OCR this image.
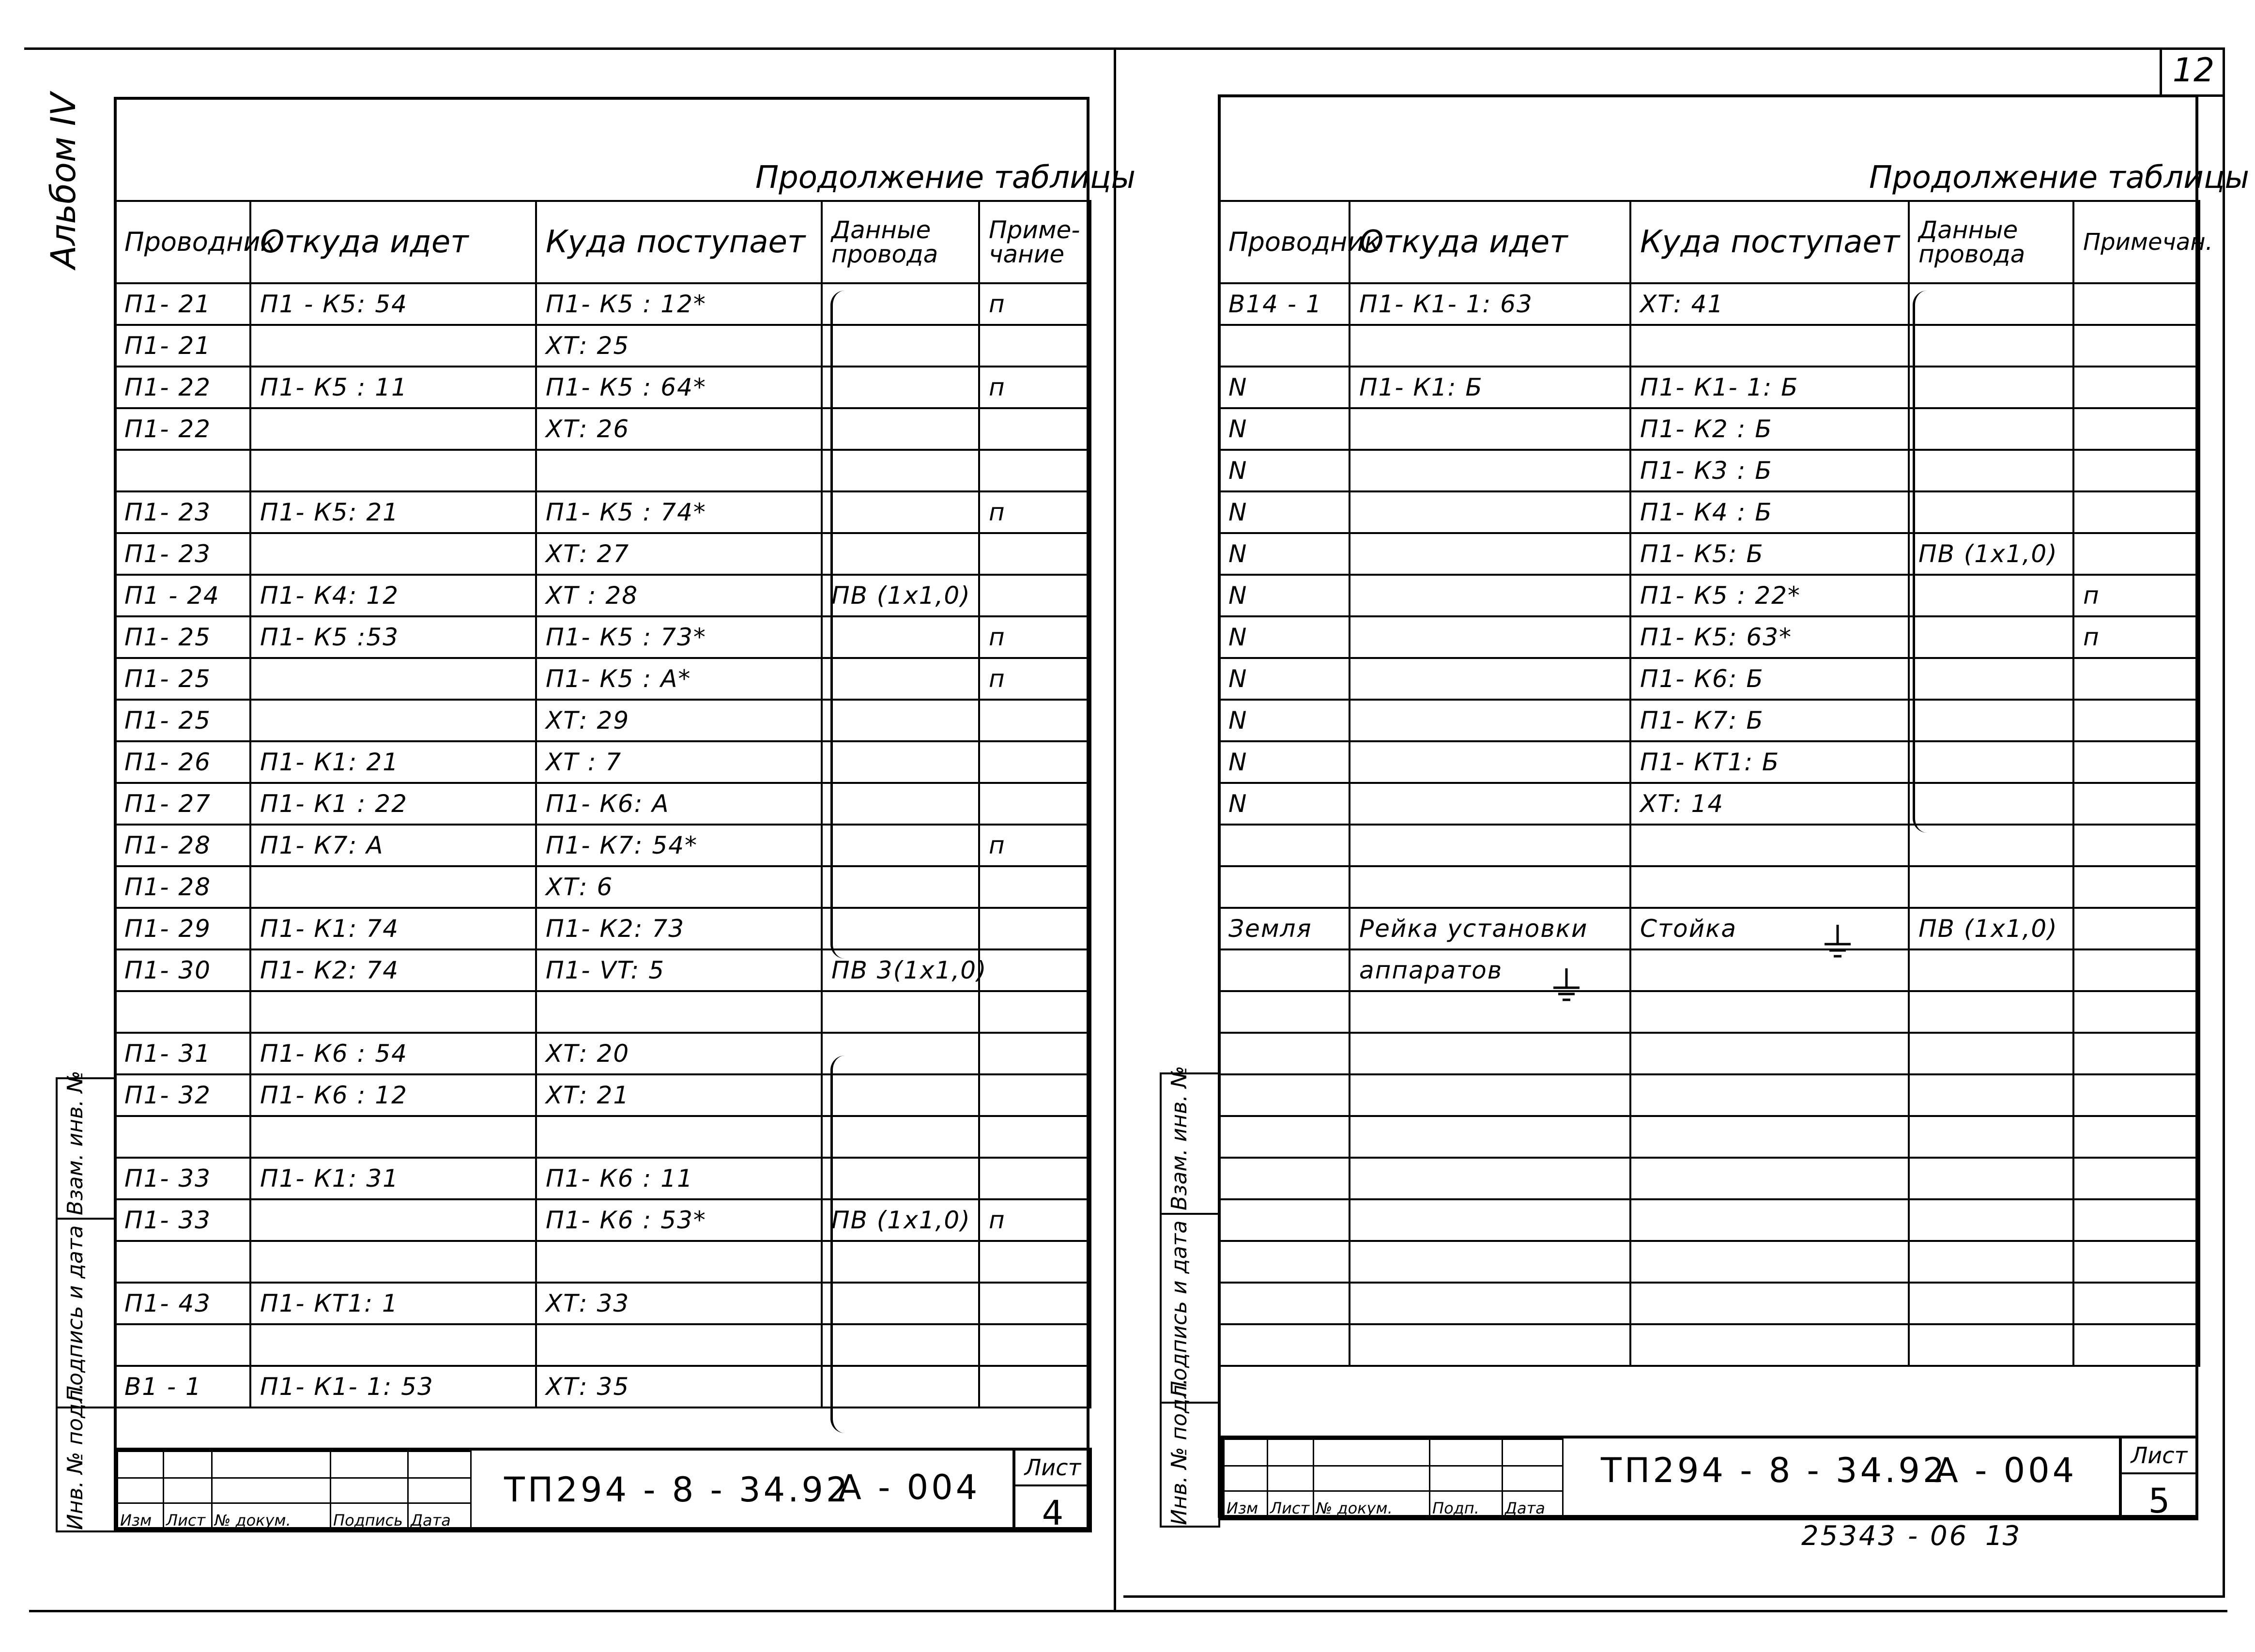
12
Альбом IV	Продолжение таблицы
Проводник	Откуда идет	Куда поступает	Данные провода	Приме-чание
П1- 21	П1 - К5: 54	П1- К5 : 12*		п
П1- 21		ХТ: 25		
П1- 22	П1- К5 : 11	П1- К5 : 64*		п
П1- 22		ХТ: 26		

П1- 23	П1- К5: 21	П1- К5 : 74*		п
П1- 23		ХТ: 27		
П1 - 24	П1- К4: 12	ХТ : 28	ПВ (1х1,0)	
П1- 25	П1- К5 :53	П1- К5 : 73*		п
П1- 25		П1- К5 : А*		п
П1- 25		ХТ: 29		
П1- 26	П1- К1: 21	ХТ : 7		
П1- 27	П1- К1 : 22	П1- К6: А		
П1- 28	П1- К7: А	П1- К7: 54*		п
П1- 28		ХТ: 6		
П1- 29	П1- К1: 74	П1- К2: 73		
П1- 30	П1- К2: 74	П1- VT: 5	ПВ 3(1х1,0)	

П1- 31	П1- К6 : 54	ХТ: 20		
П1- 32	П1- К6 : 12	ХТ: 21		

П1- 33	П1- К1: 31	П1- К6 : 11		
П1- 33		П1- К6 : 53*	ПВ (1х1,0)	п

П1- 43	П1- КТ1: 1	ХТ: 33		

В1 - 1	П1- К1- 1: 53	ХТ: 35		
Взам. инв. №
Подпись и дата
Инв. № подл.

				Изм	Лист	№ докум.	Подпись	Дата
ТП294 - 8 - 34.92
А - 004	Лист
4
Продолжение таблицы
Проводник	Откуда идет	Куда поступает	Данные провода	Примечан.
В14 - 1	П1- К1- 1: 63	ХТ: 41		

N	П1- К1: Б	П1- К1- 1: Б		
N		П1- К2 : Б		
N		П1- К3 : Б		
N		П1- К4 : Б		
N		П1- К5: Б	ПВ (1х1,0)	
N		П1- К5 : 22*		п
N		П1- К5: 63*		п
N		П1- К6: Б		
N		П1- К7: Б		
N		П1- КТ1: Б		
N		ХТ: 14		

Земля	Рейка установки	Стойка	ПВ (1х1,0)	
	аппаратов			

Взам. инв. №
Подпись и дата
Инв. № подл.

				Изм	Лист	№ докум.	Подп.	Дата
ТП294 - 8 - 34.92
А - 004	Лист
5
25343 - 06 13
